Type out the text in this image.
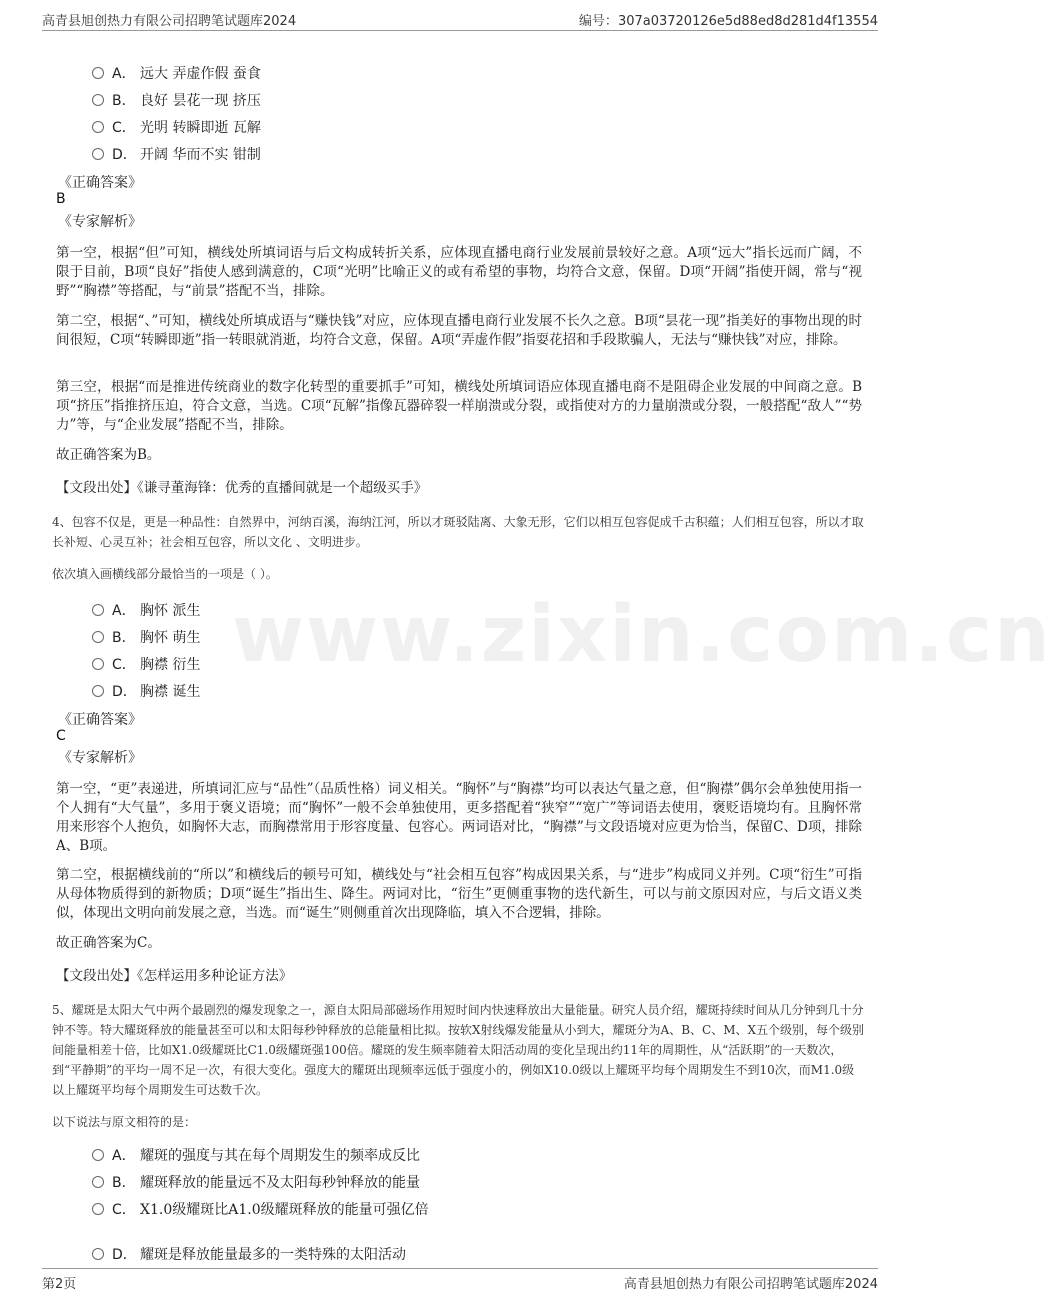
高青县旭创热力有限公司招聘笔试题库2024	编号：307a03720126e5d88ed8d281d4f13554
www.zixin.com.cn
A． 远大 弄虚作假 蚕食
B． 良好 昙花一现 挤压
C． 光明 转瞬即逝 瓦解
D． 开阔 华而不实 钳制
《正确答案》
B
《专家解析》

第一空，根据“但”可知，横线处所填词语与后文构成转折关系，应体现直播电商行业发展前景较好之意。A项“远大”指长远而广阔，不限于目前，B项“良好”指使人感到满意的，C项“光明”比喻正义的或有希望的事物，均符合文意，保留。D项“开阔”指使开阔，常与“视野”“胸襟”等搭配，与“前景”搭配不当，排除。

第二空，根据“、”可知，横线处所填成语与“赚快钱”对应，应体现直播电商行业发展不长久之意。B项“昙花一现”指美好的事物出现的时间很短，C项“转瞬即逝”指一转眼就消逝，均符合文意，保留。A项“弄虚作假”指耍花招和手段欺骗人，无法与“赚快钱”对应，排除。

第三空，根据“而是推进传统商业的数字化转型的重要抓手”可知，横线处所填词语应体现直播电商不是阻碍企业发展的中间商之意。B项“挤压”指推挤压迫，符合文意，当选。C项“瓦解”指像瓦器碎裂一样崩溃或分裂，或指使对方的力量崩溃或分裂，一般搭配“敌人”“势力”等，与“企业发展”搭配不当，排除。

故正确答案为B。

【文段出处】《谦寻董海锋：优秀的直播间就是一个超级买手》

4、包容不仅是，更是一种品性：自然界中，河纳百溪，海纳江河，所以才斑驳陆离、大象无形，它们以相互包容促成千古积蕴；人们相互包容，所以才取长补短、心灵互补；社会相互包容，所以文化 、文明进步。

依次填入画横线部分最恰当的一项是（ ）。

A． 胸怀 派生
B． 胸怀 萌生
C． 胸襟 衍生
D． 胸襟 诞生
《正确答案》
C
《专家解析》

第一空，“更”表递进，所填词汇应与“品性”（品质性格）词义相关。“胸怀”与“胸襟”均可以表达气量之意，但“胸襟”偶尔会单独使用指一个人拥有“大气量”，多用于褒义语境；而“胸怀”一般不会单独使用，更多搭配着“狭窄”“宽广”等词语去使用，褒贬语境均有。且胸怀常用来形容个人抱负，如胸怀大志，而胸襟常用于形容度量、包容心。两词语对比，“胸襟”与文段语境对应更为恰当，保留C、D项，排除A、B项。

第二空，根据横线前的“所以”和横线后的顿号可知，横线处与“社会相互包容”构成因果关系，与“进步”构成同义并列。C项“衍生”可指从母体物质得到的新物质；D项“诞生”指出生、降生。两词对比，“衍生”更侧重事物的迭代新生，可以与前文原因对应，与后文语义类似，体现出文明向前发展之意，当选。而“诞生”则侧重首次出现降临，填入不合逻辑，排除。

故正确答案为C。

【文段出处】《怎样运用多种论证方法》

5、耀斑是太阳大气中两个最剧烈的爆发现象之一，源自太阳局部磁场作用短时间内快速释放出大量能量。研究人员介绍，耀斑持续时间从几分钟到几十分钟不等。特大耀斑释放的能量甚至可以和太阳每秒钟释放的总能量相比拟。按软X射线爆发能量从小到大，耀斑分为A、B、C、M、X五个级别，每个级别间能量相差十倍，比如X1.0级耀斑比C1.0级耀斑强100倍。耀斑的发生频率随着太阳活动周的变化呈现出约11年的周期性，从“活跃期”的一天数次，到“平静期”的平均一周不足一次，有很大变化。强度大的耀斑出现频率远低于强度小的，例如X10.0级以上耀斑平均每个周期发生不到10次，而M1.0级以上耀斑平均每个周期发生可达数千次。

以下说法与原文相符的是：

A． 耀斑的强度与其在每个周期发生的频率成反比
B． 耀斑释放的能量远不及太阳每秒钟释放的能量
C． X1.0级耀斑比A1.0级耀斑释放的能量可强亿倍
D． 耀斑是释放能量最多的一类特殊的太阳活动
第2页	高青县旭创热力有限公司招聘笔试题库2024
